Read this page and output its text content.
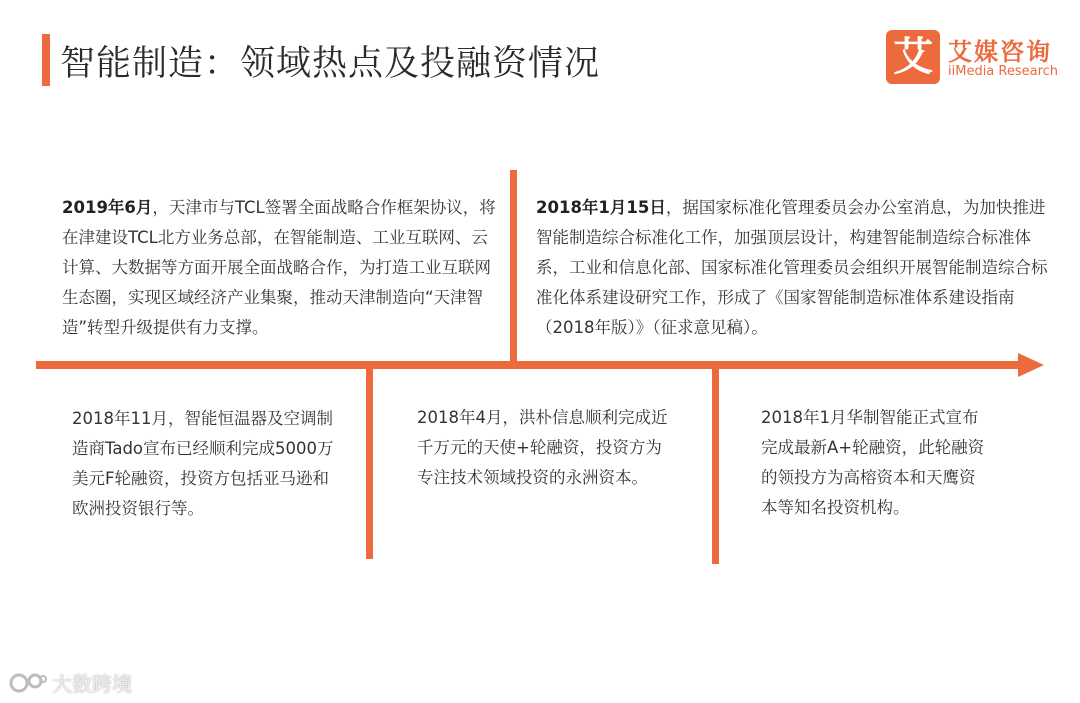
智能制造：领域热点及投融资情况	艾 艾媒咨询
iiMedia Research
2019年6月，天津市与TCL签署全面战略合作框架协议，将在津建设TCL北方业务总部，在智能制造、工业互联网、云计算、大数据等方面开展全面战略合作，为打造工业互联网生态圈，实现区域经济产业集聚，推动天津制造向“天津智造”转型升级提供有力支撑。
2018年1月15日，据国家标准化管理委员会办公室消息，为加快推进智能制造综合标准化工作，加强顶层设计，构建智能制造综合标准体系，工业和信息化部、国家标准化管理委员会组织开展智能制造综合标准化体系建设研究工作，形成了《国家智能制造标准体系建设指南（2018年版）》（征求意见稿）。
2018年11月，智能恒温器及空调制造商Tado宣布已经顺利完成5000万美元F轮融资，投资方包括亚马逊和欧洲投资银行等。
2018年4月，洪朴信息顺利完成近千万元的天使+轮融资，投资方为专注技术领域投资的永洲资本。
2018年1月华制智能正式宣布完成最新A+轮融资，此轮融资的领投方为高榕资本和天鹰资本等知名投资机构。
大数跨境
